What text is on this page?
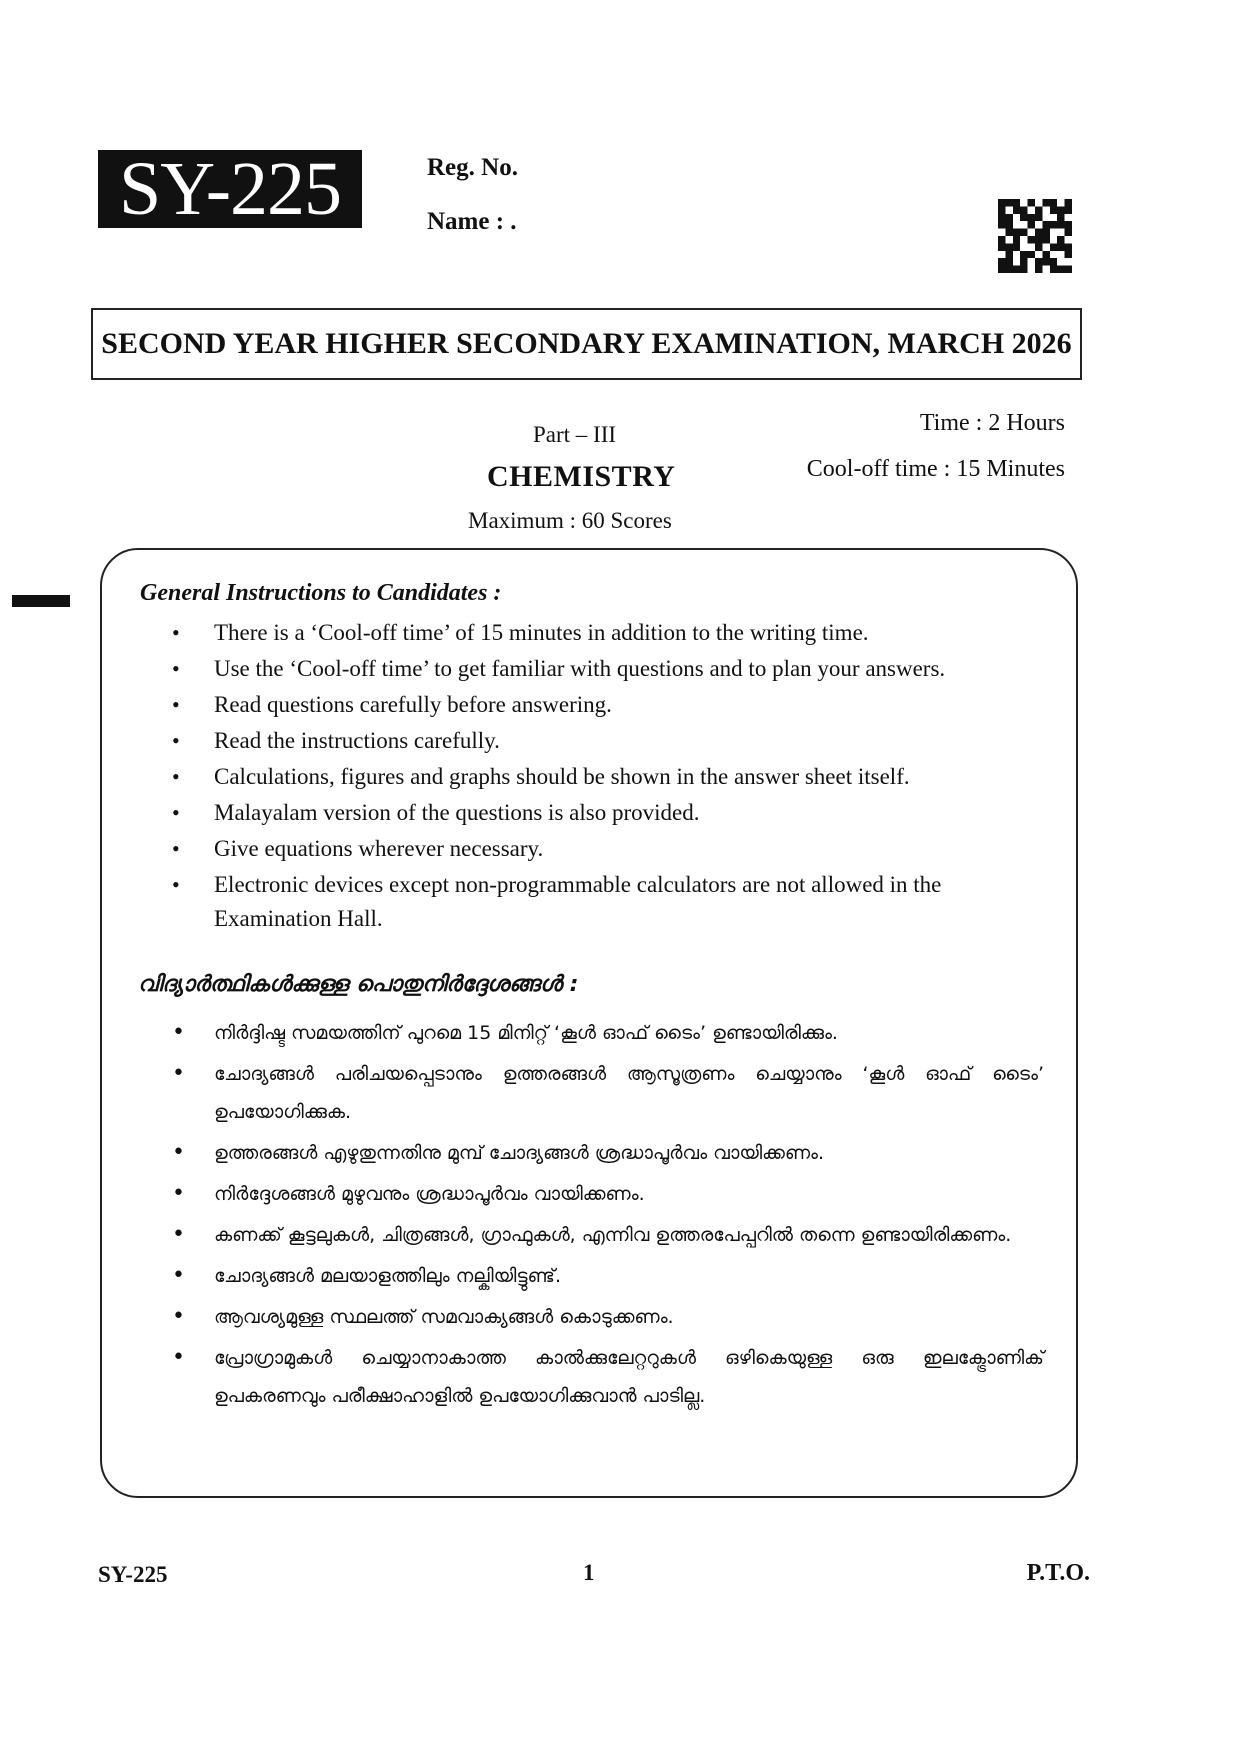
SY-225	Reg. No.
Name : .
SECOND YEAR HIGHER SECONDARY EXAMINATION, MARCH 2026
Part – III
CHEMISTRY
Maximum : 60 Scores
Time : 2 Hours
Cool-off time : 15 Minutes
General Instructions to Candidates :
• There is a ‘Cool-off time’ of 15 minutes in addition to the writing time.
• Use the ‘Cool-off time’ to get familiar with questions and to plan your answers.
• Read questions carefully before answering.
• Read the instructions carefully.
• Calculations, figures and graphs should be shown in the answer sheet itself.
• Malayalam version of the questions is also provided.
• Give equations wherever necessary.
• Electronic devices except non-programmable calculators are not allowed in the Examination Hall.
വിദ്യാർത്ഥികൾക്കുള്ള പൊതുനിർദ്ദേശങ്ങൾ :
• നിർദ്ദിഷ്ട സമയത്തിന് പുറമെ 15 മിനിറ്റ് ‘കൂൾ ഓഫ് ടൈം’ ഉണ്ടായിരിക്കും.
• ചോദ്യങ്ങൾ പരിചയപ്പെടാനും ഉത്തരങ്ങൾ ആസൂത്രണം ചെയ്യാനും ‘കൂൾ ഓഫ് ടൈം’ ഉപയോഗിക്കുക.
• ഉത്തരങ്ങൾ എഴുതുന്നതിനു മുമ്പ് ചോദ്യങ്ങൾ ശ്രദ്ധാപൂർവം വായിക്കണം.
• നിർദ്ദേശങ്ങൾ മുഴുവനും ശ്രദ്ധാപൂർവം വായിക്കണം.
• കണക്ക് കൂട്ടലുകൾ, ചിത്രങ്ങൾ, ഗ്രാഫുകൾ, എന്നിവ ഉത്തരപേപ്പറിൽ തന്നെ ഉണ്ടായിരിക്കണം.
• ചോദ്യങ്ങൾ മലയാളത്തിലും നല്കിയിട്ടുണ്ട്.
• ആവശ്യമുള്ള സ്ഥലത്ത് സമവാക്യങ്ങൾ കൊടുക്കണം.
• പ്രോഗ്രാമുകൾ ചെയ്യാനാകാത്ത കാൽക്കുലേറ്ററുകൾ ഒഴികെയുള്ള ഒരു ഇലക്ട്രോണിക് ഉപകരണവും പരീക്ഷാഹാളിൽ ഉപയോഗിക്കുവാൻ പാടില്ല.
SY-225	1	P.T.O.
